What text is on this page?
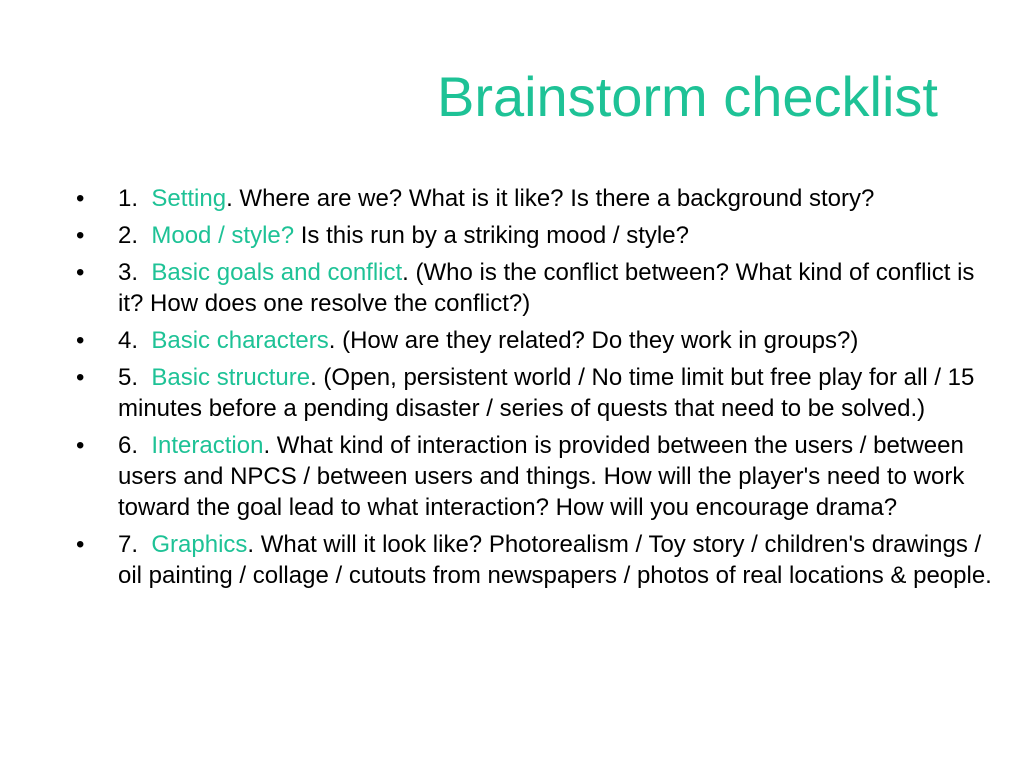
Brainstorm checklist
•	1. Setting. Where are we? What is it like? Is there a background story?
•	2. Mood / style? Is this run by a striking mood / style?
•	3. Basic goals and conflict. (Who is the conflict between? What kind of conflict is it? How does one resolve the conflict?)
•	4. Basic characters. (How are they related? Do they work in groups?)
•	5. Basic structure. (Open, persistent world / No time limit but free play for all / 15 minutes before a pending disaster / series of quests that need to be solved.)
•	6. Interaction. What kind of interaction is provided between the users / between users and NPCS / between users and things. How will the player's need to work toward the goal lead to what interaction? How will you encourage drama?
•	7. Graphics. What will it look like? Photorealism / Toy story / children's drawings / oil painting / collage / cutouts from newspapers / photos of real locations & people.
